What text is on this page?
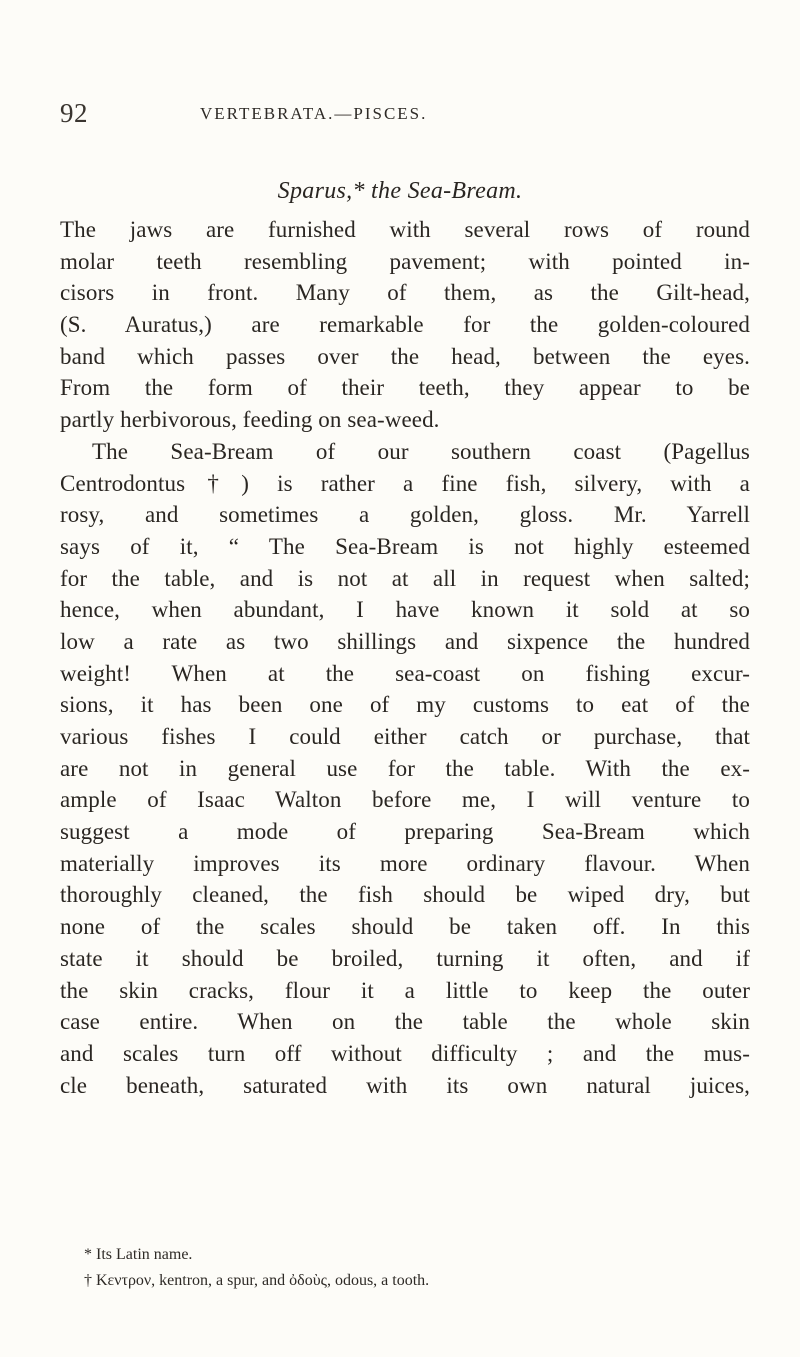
92	VERTEBRATA.—PISCES.
Sparus,* the Sea-Bream.
The jaws are furnished with several rows of round
molar teeth resembling pavement; with pointed in-
cisors in front. Many of them, as the Gilt-head,
(S. Auratus,) are remarkable for the golden-coloured
band which passes over the head, between the eyes.
From the form of their teeth, they appear to be
partly herbivorous, feeding on sea-weed.
The Sea-Bream of our southern coast (Pagellus
Centrodontus†) is rather a fine fish, silvery, with a
rosy, and sometimes a golden, gloss. Mr. Yarrell
says of it, “ The Sea-Bream is not highly esteemed
for the table, and is not at all in request when salted;
hence, when abundant, I have known it sold at so
low a rate as two shillings and sixpence the hundred
weight! When at the sea-coast on fishing excur-
sions, it has been one of my customs to eat of the
various fishes I could either catch or purchase, that
are not in general use for the table. With the ex-
ample of Isaac Walton before me, I will venture to
suggest a mode of preparing Sea-Bream which
materially improves its more ordinary flavour. When
thoroughly cleaned, the fish should be wiped dry, but
none of the scales should be taken off. In this
state it should be broiled, turning it often, and if
the skin cracks, flour it a little to keep the outer
case entire. When on the table the whole skin
and scales turn off without difficulty ; and the mus-
cle beneath, saturated with its own natural juices,
* Its Latin name.
† Κεντρον, kentron, a spur, and ὀδοὺς, odous, a tooth.
